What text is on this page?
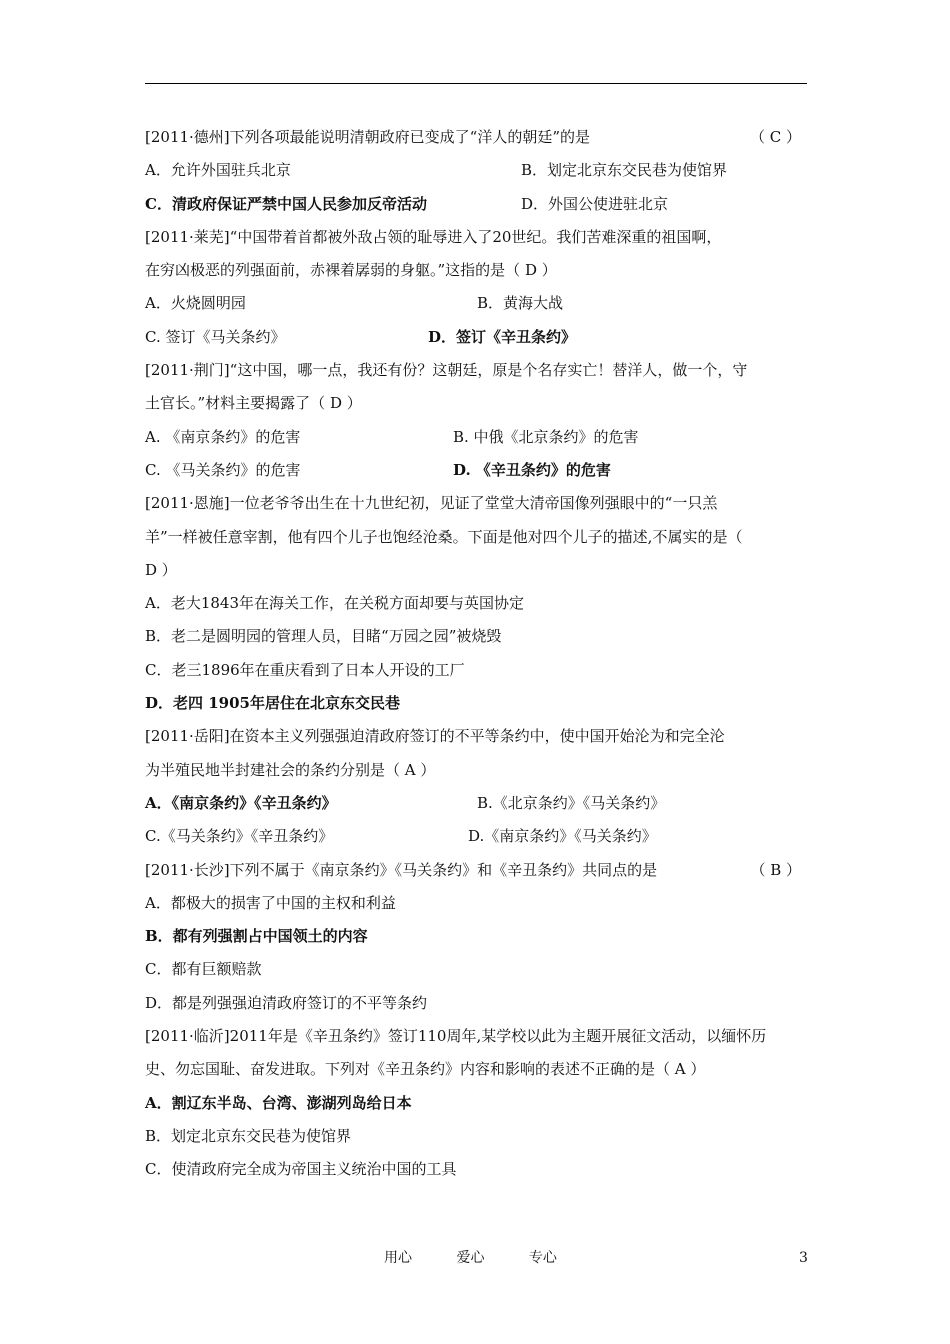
[2011·德州]下列各项最能说明清朝政府已变成了“洋人的朝廷”的是	（ C ）
A．允许外国驻兵北京	B．划定北京东交民巷为使馆界
C．清政府保证严禁中国人民参加反帝活动	D．外国公使进驻北京
[2011·莱芜]“中国带着首都被外敌占领的耻辱进入了20世纪。我们苦难深重的祖国啊，
在穷凶极恶的列强面前，赤裸着孱弱的身躯。”这指的是（ D ）
A．火烧圆明园	B．黄海大战
C. 签订《马关条约》	D．签订《辛丑条约》
[2011·荆门]“这中国，哪一点，我还有份？这朝廷，原是个名存实亡！替洋人，做一个，守
土官长。”材料主要揭露了（ D ）
A. 《南京条约》的危害	B. 中俄《北京条约》的危害
C. 《马关条约》的危害	D. 《辛丑条约》的危害
[2011·恩施]一位老爷爷出生在十九世纪初，见证了堂堂大清帝国像列强眼中的“一只羔
羊”一样被任意宰割，他有四个儿子也饱经沧桑。下面是他对四个儿子的描述,不属实的是（
D ）
A．老大1843年在海关工作，在关税方面却要与英国协定
B．老二是圆明园的管理人员，目睹“万园之园”被烧毁
C．老三1896年在重庆看到了日本人开设的工厂
D．老四 1905年居住在北京东交民巷
[2011·岳阳]在资本主义列强强迫清政府签订的不平等条约中，使中国开始沦为和完全沦
为半殖民地半封建社会的条约分别是（ A ）
A．《南京条约》《辛丑条约》	B.《北京条约》《马关条约》
C.《马关条约》《辛丑条约》	D.《南京条约》《马关条约》
[2011·长沙]下列不属于《南京条约》《马关条约》和《辛丑条约》共同点的是	（ B ）
A．都极大的损害了中国的主权和利益
B．都有列强割占中国领土的内容
C．都有巨额赔款
D．都是列强强迫清政府签订的不平等条约
[2011·临沂]2011年是《辛丑条约》签订110周年,某学校以此为主题开展征文活动，以缅怀历
史、勿忘国耻、奋发进取。下列对《辛丑条约》内容和影响的表述不正确的是（ A ）
A．割辽东半岛、台湾、澎湖列岛给日本
B．划定北京东交民巷为使馆界
C．使清政府完全成为帝国主义统治中国的工具
用心	爱心	专心	3
